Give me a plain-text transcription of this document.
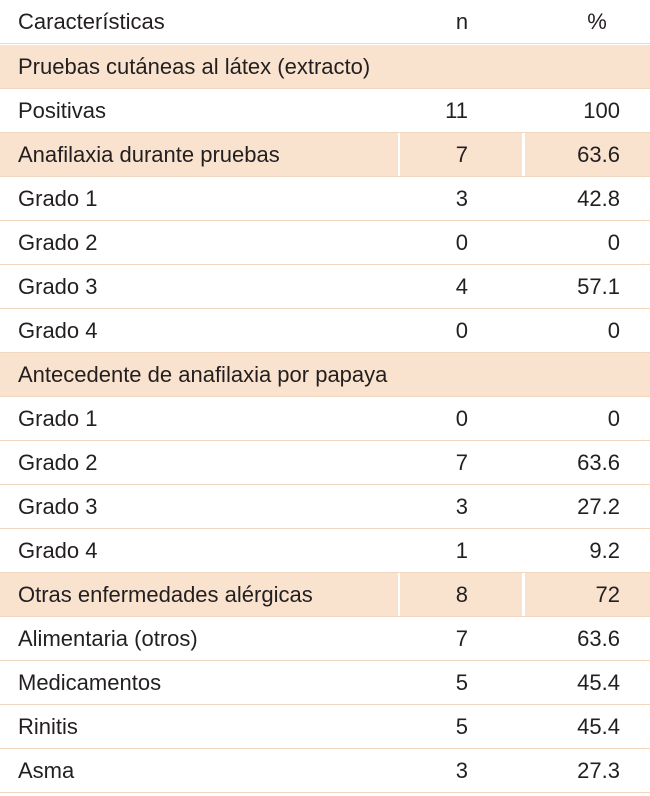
Características	n	%
Pruebas cutáneas al látex (extracto)
Positivas	11	100
Anafilaxia durante pruebas	7	63.6
Grado 1	3	42.8
Grado 2	0	0
Grado 3	4	57.1
Grado 4	0	0
Antecedente de anafilaxia por papaya
Grado 1	0	0
Grado 2	7	63.6
Grado 3	3	27.2
Grado 4	1	9.2
Otras enfermedades alérgicas	8	72
Alimentaria (otros)	7	63.6
Medicamentos	5	45.4
Rinitis	5	45.4
Asma	3	27.3
